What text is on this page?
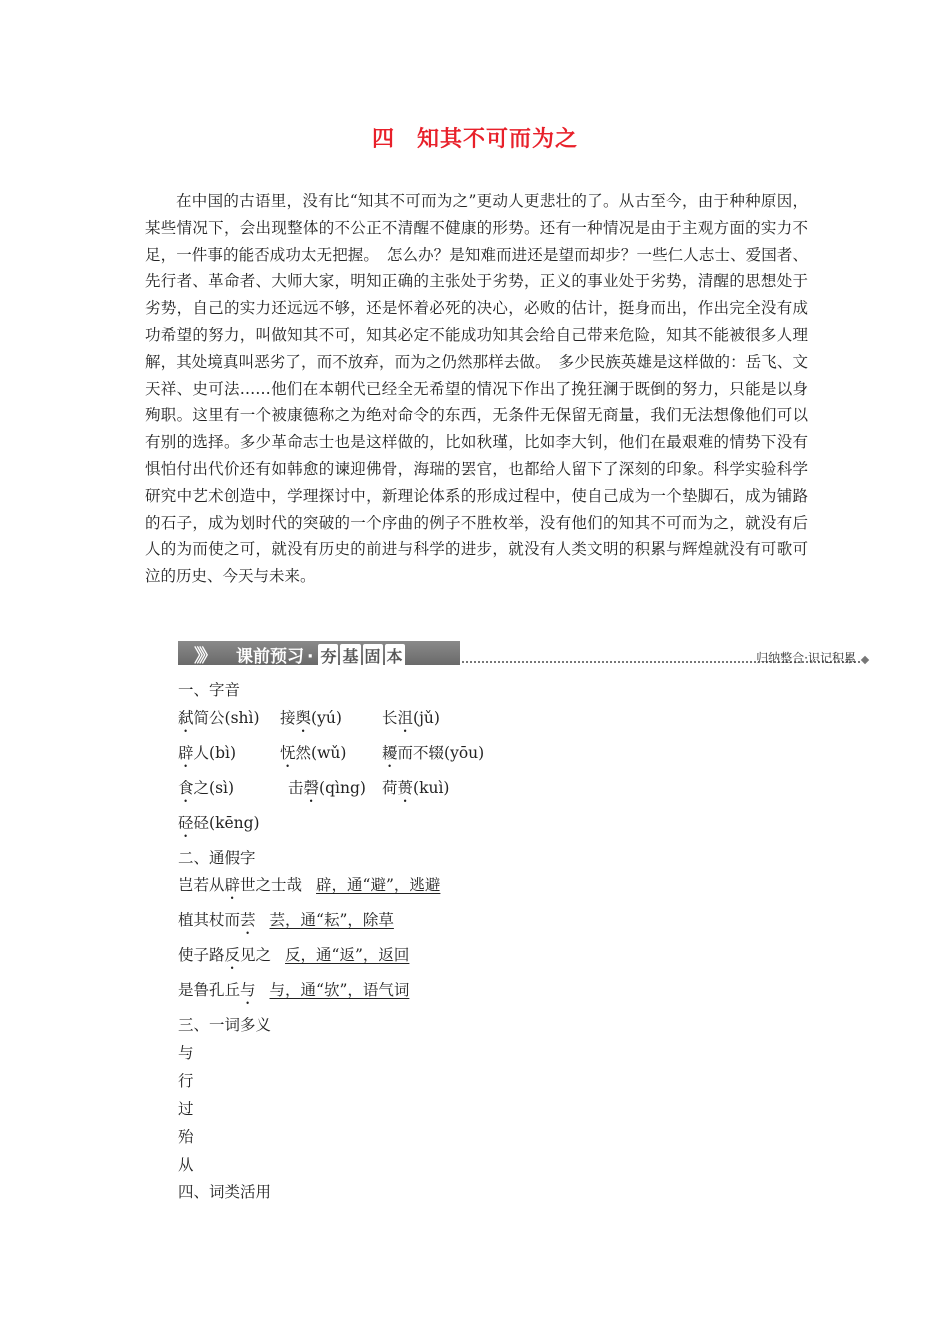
四 知其不可而为之

在中国的古语里，没有比“知其不可而为之”更动人更悲壮的了。从古至今，由于种种原因，某些情况下，会出现整体的不公正不清醒不健康的形势。还有一种情况是由于主观方面的实力不足，一件事的能否成功太无把握。　怎么办？是知难而进还是望而却步？一些仁人志士、爱国者、先行者、革命者、大师大家，明知正确的主张处于劣势，正义的事业处于劣势，清醒的思想处于劣势，自己的实力还远远不够，还是怀着必死的决心，必败的估计，挺身而出，作出完全没有成功希望的努力，叫做知其不可，知其必定不能成功知其会给自己带来危险，知其不能被很多人理解，其处境真叫恶劣了，而不放弃，而为之仍然那样去做。　多少民族英雄是这样做的：岳飞、文天祥、史可法……他们在本朝代已经全无希望的情况下作出了挽狂澜于既倒的努力，只能是以身殉职。这里有一个被康德称之为绝对命令的东西，无条件无保留无商量，我们无法想像他们可以有别的选择。多少革命志士也是这样做的，比如秋瑾，比如李大钊，他们在最艰难的情势下没有惧怕付出代价还有如韩愈的谏迎佛骨，海瑞的罢官，也都给人留下了深刻的印象。科学实验科学研究中艺术创造中，学理探讨中，新理论体系的形成过程中，使自己成为一个垫脚石，成为铺路的石子，成为划时代的突破的一个序曲的例子不胜枚举，没有他们的知其不可而为之，就没有后人的为而使之可，就没有历史的前进与科学的进步，就没有人类文明的积累与辉煌就没有可歌可泣的历史、今天与未来。

》》 课前预习 · 夯 基 固 本	归纳整合·识记积累
一、字音
弑简公(shì) 接舆(yú)	长沮(jǔ)
辟人(bì)	怃然(wǔ) 耰而不辍(yōu)
食之(sì)	击磬(qìng) 荷蒉(kuì)
硁硁(kēng)
二、通假字
岂若从辟世之士哉 辟，通“避”，逃避
植其杖而芸 芸，通“耘”，除草
使子路反见之 反，通“返”，返回
是鲁孔丘与 与，通“欤”，语气词
三、一词多义
与
行
过
殆
从
四、词类活用
